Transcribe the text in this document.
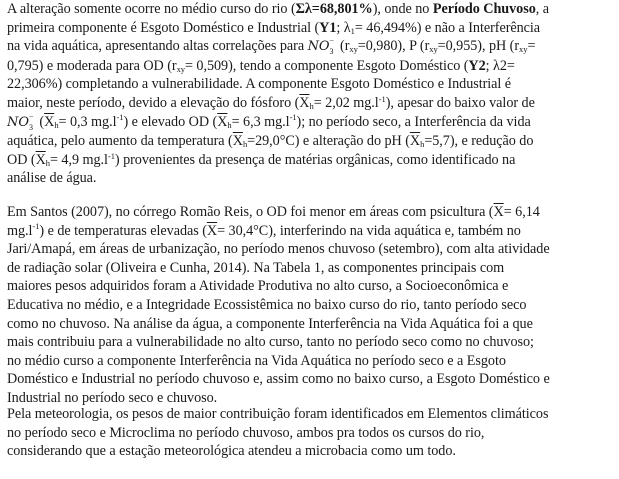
A alteração somente ocorre no médio curso do rio (Σλ=68,801%), onde no Período Chuvoso, a
primeira componente é Esgoto Doméstico e Industrial (Y1; $\lambda_1= 46,494\%$) e não a Interferência
na vida aquática, apresentando altas correlações para NO −
3 $(r_{xy}=0,980)$, P $(r_{xy}=0,955)$, pH ($r_{xy}=$
0,795) e moderada para OD $(r_{xy}= 0,509)$, tendo a componente Esgoto Doméstico (Y2; λ2=
22,306%) completando a vulnerabilidade. A componente Esgoto Doméstico e Industrial é
maior, neste período, devido a elevação do fósforo ($\overline{X}_h= 2,02$ $mg.l^{-1}$), apesar do baixo valor de
NO −
3 ($\overline{X}_h= 0,3$ $mg.l^{-1}$) e elevado OD ($\overline{X}_h= 6,3$ $mg.l^{-1}$); no período seco, a Interferência da vida
aquática, pelo aumento da temperatura $(\overline{X}_h=29,0^\circ C)$ e alteração do pH $(\overline{X}_h=5,7)$, e redução do
OD ($\overline{X}_h= 4,9$ $mg.l^{-1}$) provenientes da presença de matérias orgânicas, como identificado na
análise de água.

Em Santos (2007), no córrego Romão Reis, o OD foi menor em áreas com psicultura ($\overline{X}= 6,14$
$mg.l^{-1}$) e de temperaturas elevadas $(\overline{X}= 30,4^\circ C)$, interferindo na vida aquática e, também no
Jari/Amapá, em áreas de urbanização, no período menos chuvoso (setembro), com alta atividade
de radiação solar (Oliveira e Cunha, 2014). Na Tabela 1, as componentes principais com
maiores pesos adquiridos foram a Atividade Produtiva no alto curso, a Socioeconômica e
Educativa no médio, e a Integridade Ecossistêmica no baixo curso do rio, tanto período seco
como no chuvoso. Na análise da água, a componente Interferência na Vida Aquática foi a que
mais contribuiu para a vulnerabilidade no alto curso, tanto no período seco como no chuvoso;
no médio curso a componente Interferência na Vida Aquática no período seco e a Esgoto
Doméstico e Industrial no período chuvoso e, assim como no baixo curso, a Esgoto Doméstico e
Industrial no período seco e chuvoso.

Pela meteorologia, os pesos de maior contribuição foram identificados em Elementos climáticos
no período seco e Microclima no período chuvoso, ambos pra todos os cursos do rio,
considerando que a estação meteorológica atendeu a microbacia como um todo.
